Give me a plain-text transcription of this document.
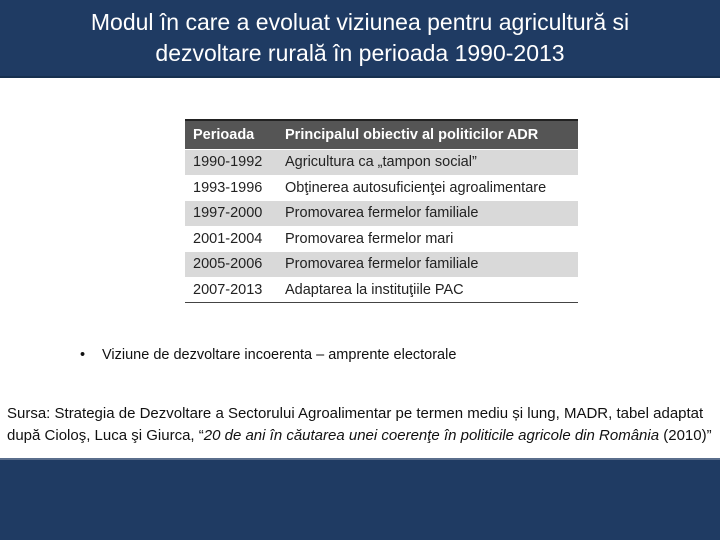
Modul în care a evoluat viziunea pentru agricultură si dezvoltare rurală în perioada 1990-2013
Perioada	Principalul obiectiv al politicilor ADR
1990-1992	Agricultura ca „tampon social”
1993-1996	Obţinerea autosuficienţei agroalimentare
1997-2000	Promovarea fermelor familiale
2001-2004	Promovarea fermelor mari
2005-2006	Promovarea fermelor familiale
2007-2013	Adaptarea la instituţiile PAC
• Viziune de dezvoltare incoerenta – amprente electorale
Sursa: Strategia de Dezvoltare a Sectorului Agroalimentar pe termen mediu și lung, MADR, tabel adaptat după Cioloş, Luca şi Giurca, “20 de ani în căutarea unei coerenţe în politicile agricole din România (2010)”
